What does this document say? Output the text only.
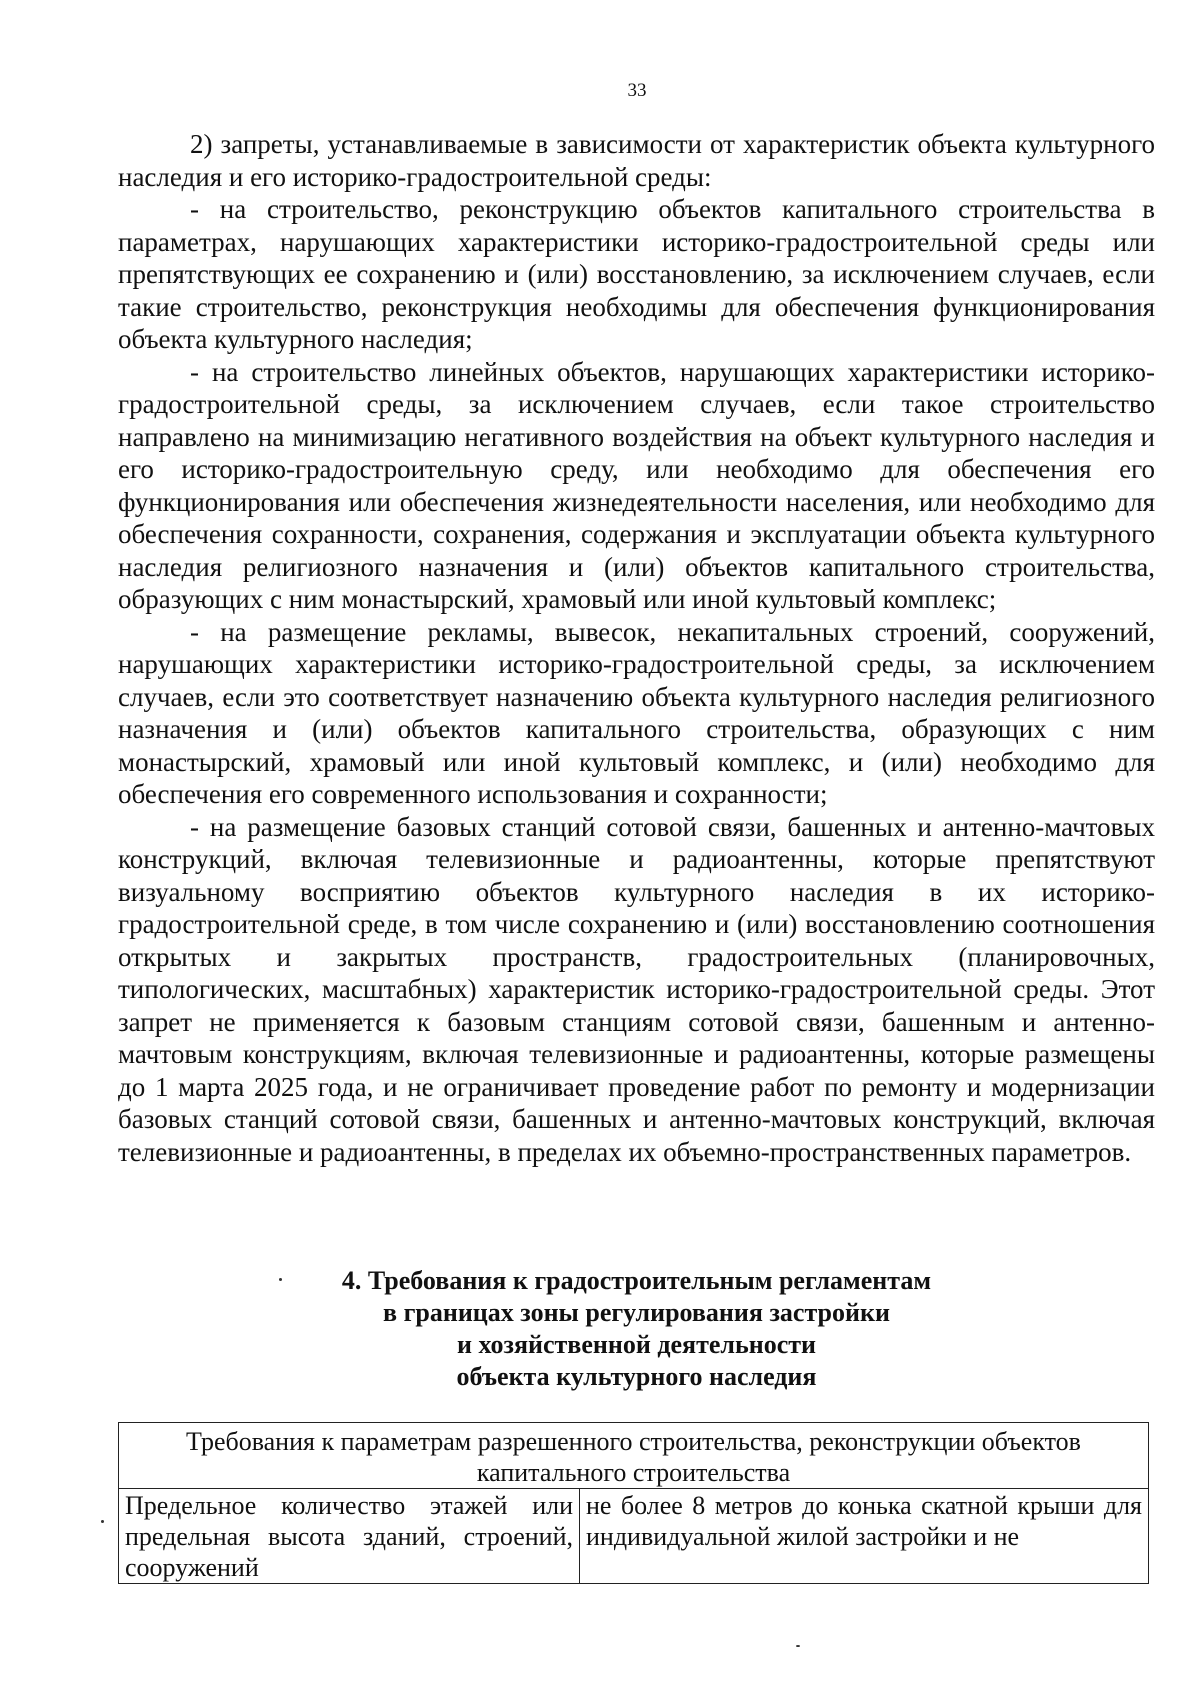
33

2) запреты, устанавливаемые в зависимости от характеристик объекта культурного наследия и его историко-градостроительной среды:

- на строительство, реконструкцию объектов капитального строительства в параметрах, нарушающих характеристики историко-градостроительной среды или препятствующих ее сохранению и (или) восстановлению, за исключением случаев, если такие строительство, реконструкция необходимы для обеспечения функционирования объекта культурного наследия;

- на строительство линейных объектов, нарушающих характеристики историко-градостроительной среды, за исключением случаев, если такое строительство направлено на минимизацию негативного воздействия на объект культурного наследия и его историко-градостроительную среду, или необходимо для обеспечения его функционирования или обеспечения жизнедеятельности населения, или необходимо для обеспечения сохранности, сохранения, содержания и эксплуатации объекта культурного наследия религиозного назначения и (или) объектов капитального строительства, образующих с ним монастырский, храмовый или иной культовый комплекс;

- на размещение рекламы, вывесок, некапитальных строений, сооружений, нарушающих характеристики историко-градостроительной среды, за исключением случаев, если это соответствует назначению объекта культурного наследия религиозного назначения и (или) объектов капитального строительства, образующих с ним монастырский, храмовый или иной культовый комплекс, и (или) необходимо для обеспечения его современного использования и сохранности;

- на размещение базовых станций сотовой связи, башенных и антенно-мачтовых конструкций, включая телевизионные и радиоантенны, которые препятствуют визуальному восприятию объектов культурного наследия в их историко-градостроительной среде, в том числе сохранению и (или) восстановлению соотношения открытых и закрытых пространств, градостроительных (планировочных, типологических, масштабных) характеристик историко-градостроительной среды. Этот запрет не применяется к базовым станциям сотовой связи, башенным и антенно-мачтовым конструкциям, включая телевизионные и радиоантенны, которые размещены до 1 марта 2025 года, и не ограничивает проведение работ по ремонту и модернизации базовых станций сотовой связи, башенных и антенно-мачтовых конструкций, включая телевизионные и радиоантенны, в пределах их объемно-пространственных параметров.

4. Требования к градостроительным регламентам
в границах зоны регулирования застройки
и хозяйственной деятельности
объекта культурного наследия
Требования к параметрам разрешенного строительства, реконструкции объектов капитального строительства
Предельное количество этажей или предельная высота зданий, строений, сооружений	не более 8 метров до конька скатной крыши для индивидуальной жилой застройки и не
